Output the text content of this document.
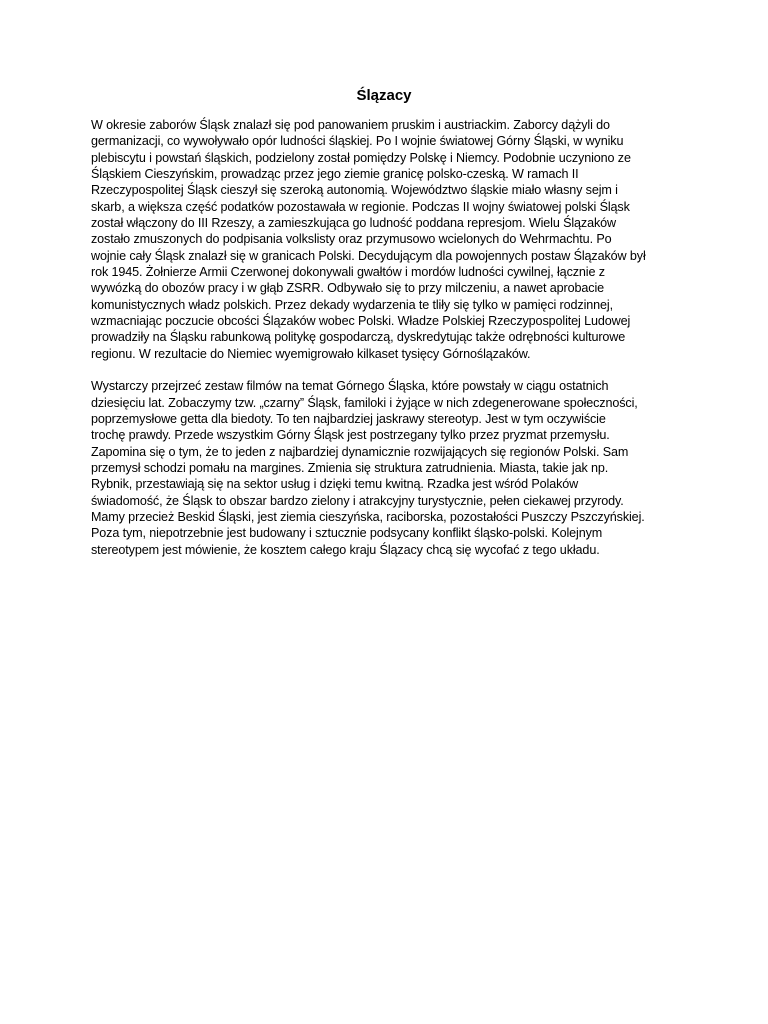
Ślązacy

W okresie zaborów Śląsk znalazł się pod panowaniem pruskim i austriackim. Zaborcy dążyli do
germanizacji, co wywoływało opór ludności śląskiej. Po I wojnie światowej Górny Śląski, w wyniku
plebiscytu i powstań śląskich, podzielony został pomiędzy Polskę i Niemcy. Podobnie uczyniono ze
Śląskiem Cieszyńskim, prowadząc przez jego ziemie granicę polsko-czeską. W ramach II
Rzeczypospolitej Śląsk cieszył się szeroką autonomią. Województwo śląskie miało własny sejm i
skarb, a większa część podatków pozostawała w regionie. Podczas II wojny światowej polski Śląsk
został włączony do III Rzeszy, a zamieszkująca go ludność poddana represjom. Wielu Ślązaków
zostało zmuszonych do podpisania volkslisty oraz przymusowo wcielonych do Wehrmachtu. Po
wojnie cały Śląsk znalazł się w granicach Polski. Decydującym dla powojennych postaw Ślązaków był
rok 1945. Żołnierze Armii Czerwonej dokonywali gwałtów i mordów ludności cywilnej, łącznie z
wywózką do obozów pracy i w głąb ZSRR. Odbywało się to przy milczeniu, a nawet aprobacie
komunistycznych władz polskich. Przez dekady wydarzenia te tliły się tylko w pamięci rodzinnej,
wzmacniając poczucie obcości Ślązaków wobec Polski. Władze Polskiej Rzeczypospolitej Ludowej
prowadziły na Śląsku rabunkową politykę gospodarczą, dyskredytując także odrębności kulturowe
regionu. W rezultacie do Niemiec wyemigrowało kilkaset tysięcy Górnoślązaków.

Wystarczy przejrzeć zestaw filmów na temat Górnego Śląska, które powstały w ciągu ostatnich
dziesięciu lat. Zobaczymy tzw. „czarny” Śląsk, familoki i żyjące w nich zdegenerowane społeczności,
poprzemysłowe getta dla biedoty. To ten najbardziej jaskrawy stereotyp. Jest w tym oczywiście
trochę prawdy. Przede wszystkim Górny Śląsk jest postrzegany tylko przez pryzmat przemysłu.
Zapomina się o tym, że to jeden z najbardziej dynamicznie rozwijających się regionów Polski. Sam
przemysł schodzi pomału na margines. Zmienia się struktura zatrudnienia. Miasta, takie jak np.
Rybnik, przestawiają się na sektor usług i dzięki temu kwitną. Rzadka jest wśród Polaków
świadomość, że Śląsk to obszar bardzo zielony i atrakcyjny turystycznie, pełen ciekawej przyrody.
Mamy przecież Beskid Śląski, jest ziemia cieszyńska, raciborska, pozostałości Puszczy Pszczyńskiej.
Poza tym, niepotrzebnie jest budowany i sztucznie podsycany konflikt śląsko-polski. Kolejnym
stereotypem jest mówienie, że kosztem całego kraju Ślązacy chcą się wycofać z tego układu.
